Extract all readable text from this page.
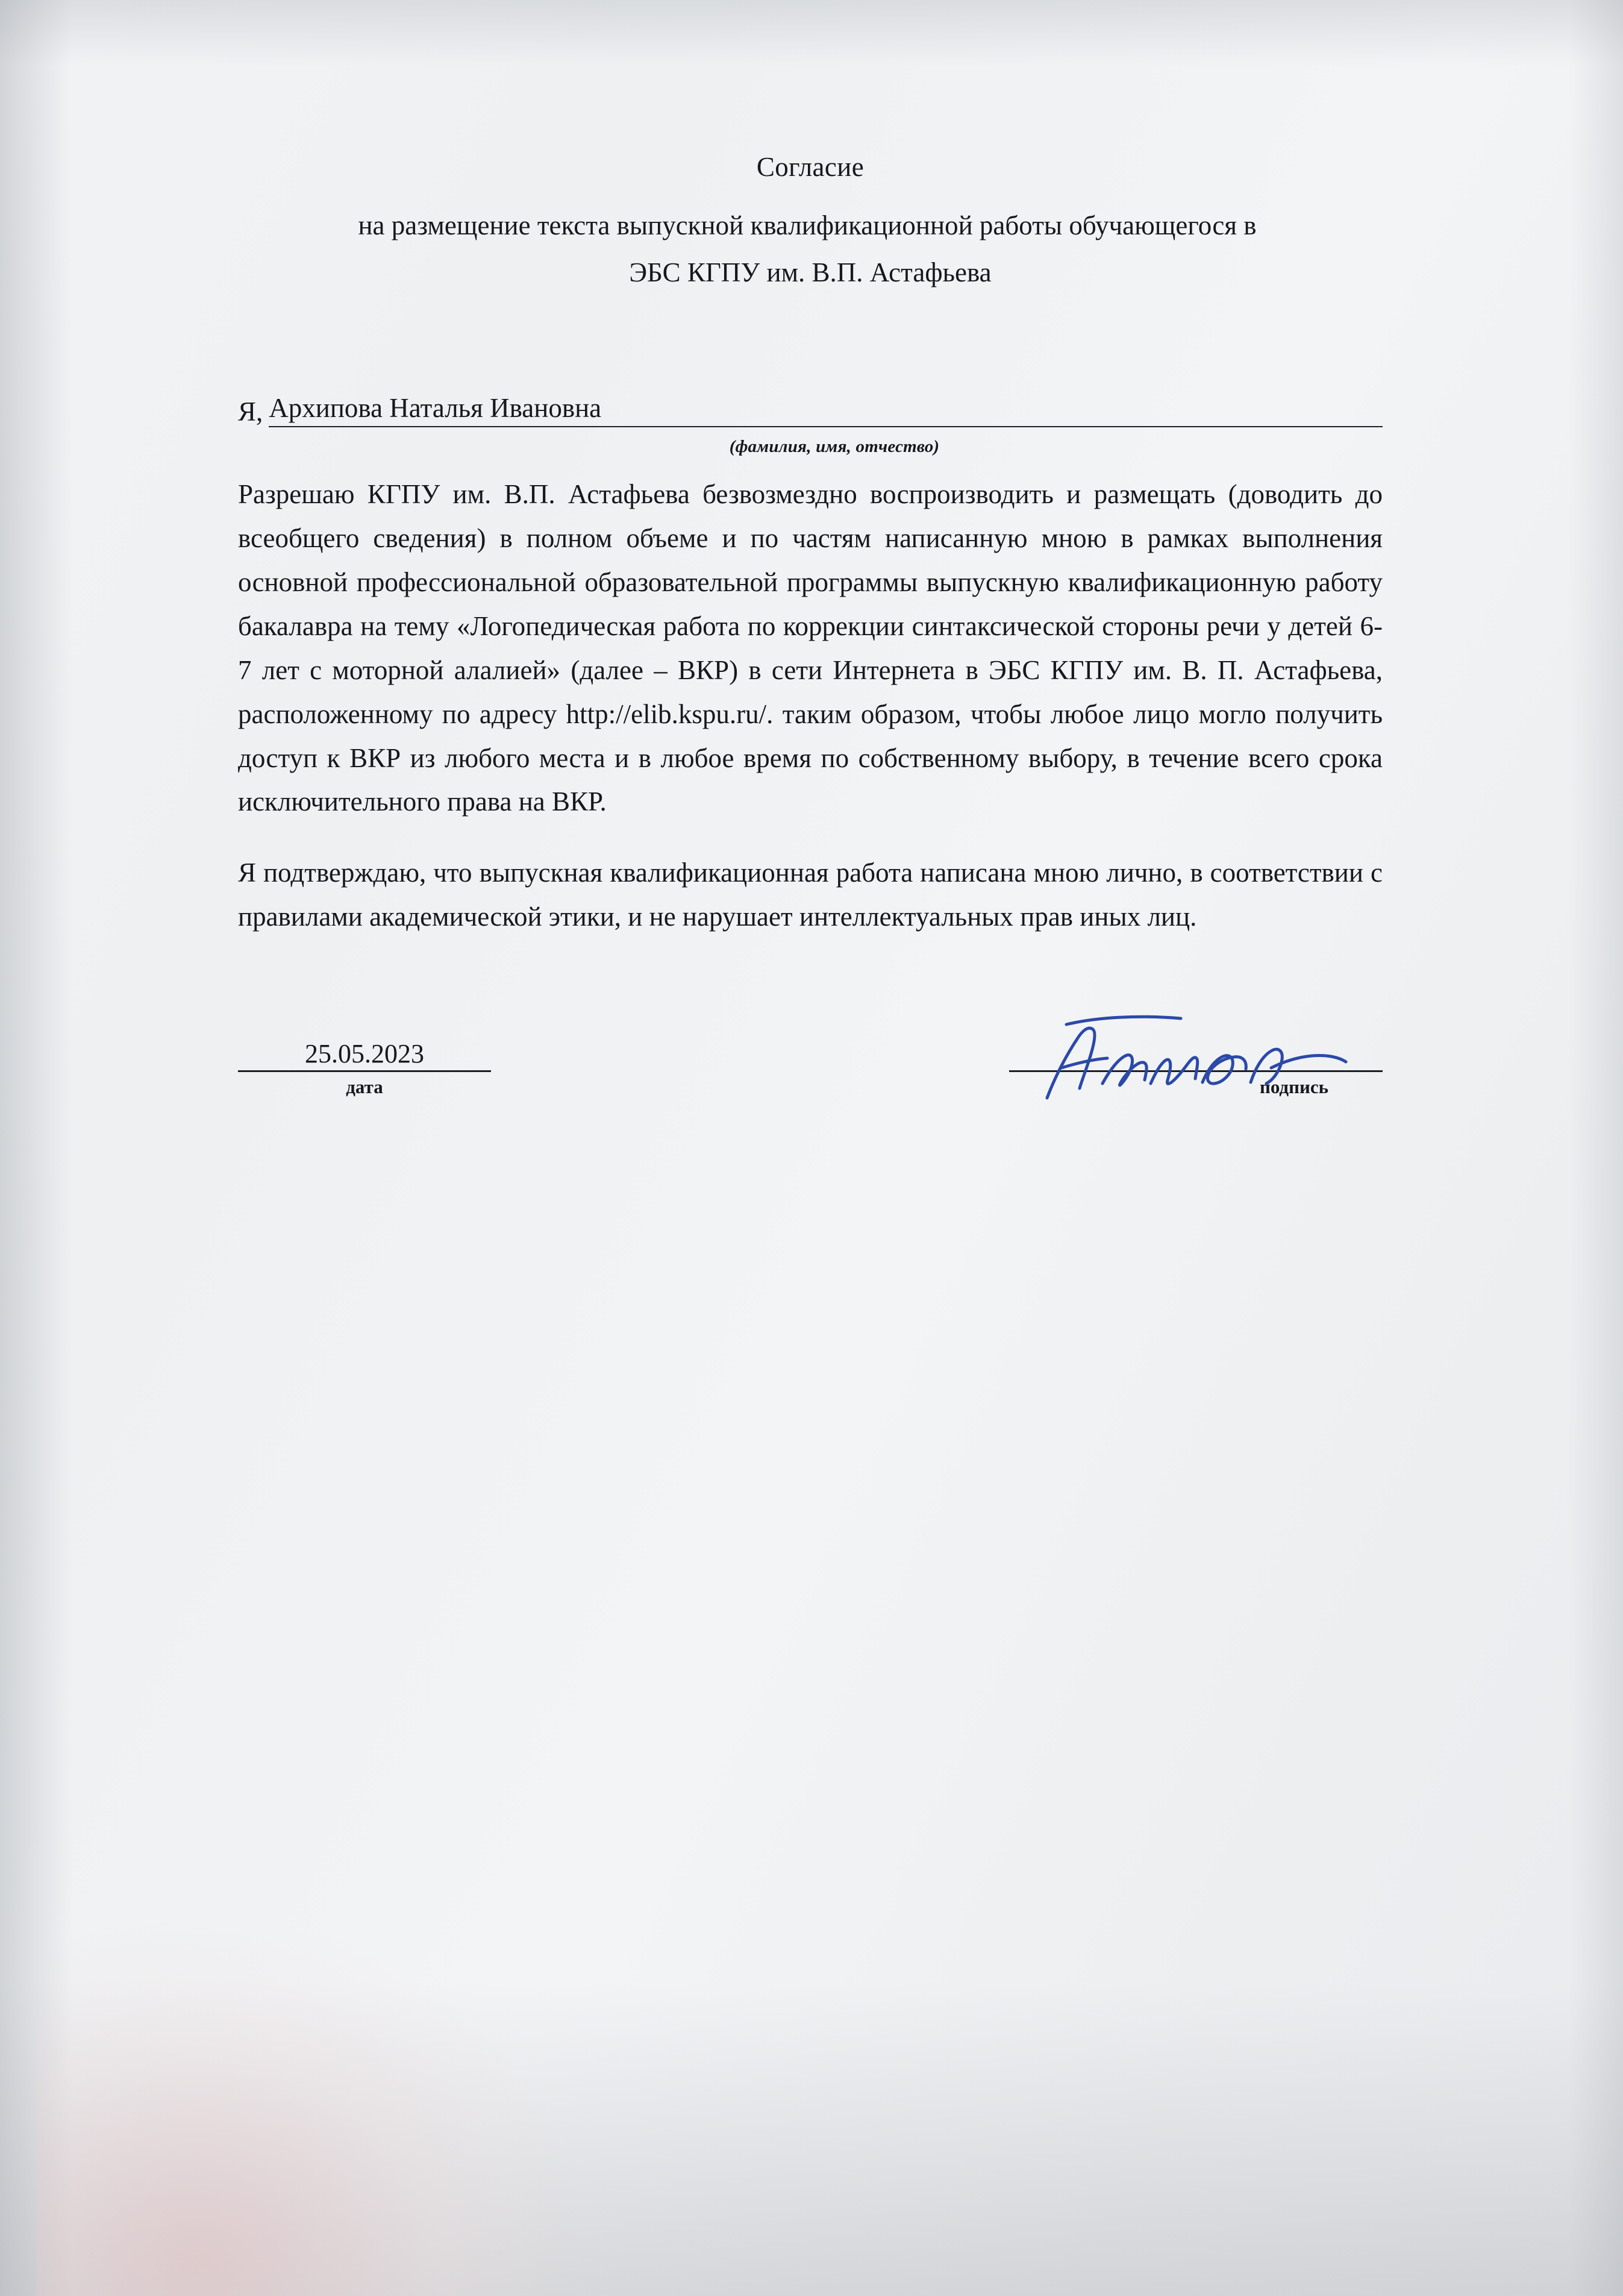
Согласие
на размещение текста выпускной квалификационной работы обучающегося в
ЭБС КГПУ им. В.П. Астафьева
Я, Архипова Наталья Ивановна
(фамилия, имя, отчество)

Разрешаю КГПУ им. В.П. Астафьева безвозмездно воспроизводить и размещать (доводить до всеобщего сведения) в полном объеме и по частям написанную мною в рамках выполнения основной профессиональной образовательной программы выпускную квалификационную работу бакалавра на тему «Логопедическая работа по коррекции синтаксической стороны речи у детей 6-7 лет с моторной алалией» (далее – ВКР) в сети Интернета в ЭБС КГПУ им. В. П. Астафьева, расположенному по адресу http://elib.kspu.ru/. таким образом, чтобы любое лицо могло получить доступ к ВКР из любого места и в любое время по собственному выбору, в течение всего срока исключительного права на ВКР.

Я подтверждаю, что выпускная квалификационная работа написана мною лично, в соответствии с правилами академической этики, и не нарушает интеллектуальных прав иных лиц.

25.05.2023
дата	подпись
